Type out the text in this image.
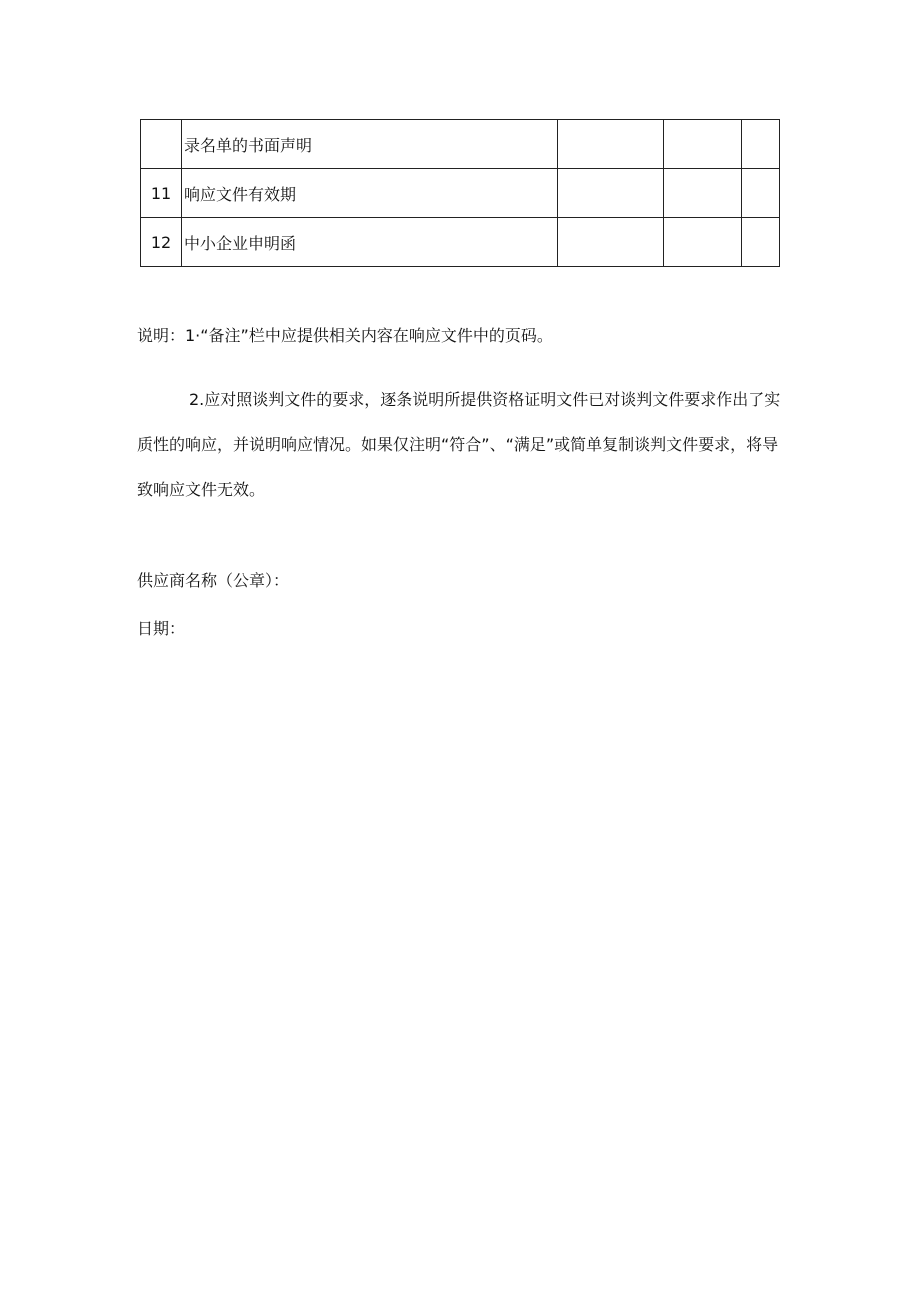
	录名单的书面声明			
11	响应文件有效期			
12	中小企业申明函			
说明：1·“备注”栏中应提供相关内容在响应文件中的页码。
2.应对照谈判文件的要求，逐条说明所提供资格证明文件已对谈判文件要求作出了实质性的响应，并说明响应情况。如果仅注明“符合”、“满足”或简单复制谈判文件要求，将导致响应文件无效。
供应商名称（公章）：
日期：
